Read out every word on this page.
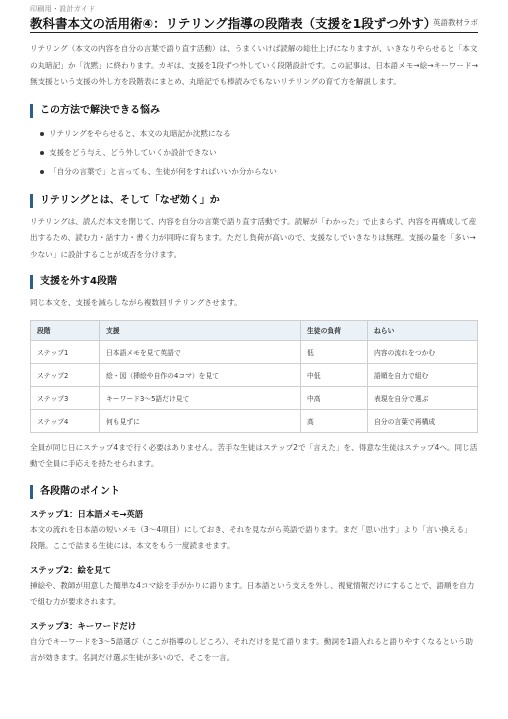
印刷用・設計ガイド
教科書本文の活用術④：リテリング指導の段階表（支援を1段ずつ外す）
英語教材ラボ

リテリング（本文の内容を自分の言葉で語り直す活動）は、うまくいけば読解の総仕上げになりますが、いきなりやらせると「本文の丸暗記」か「沈黙」に終わります。カギは、支援を1段ずつ外していく段階設計です。この記事は、日本語メモ→絵→キーワード→無支援という支援の外し方を段階表にまとめ、丸暗記でも棒読みでもないリテリングの育て方を解説します。

この方法で解決できる悩み
リテリングをやらせると、本文の丸暗記か沈黙になる
支援をどう与え、どう外していくか設計できない
「自分の言葉で」と言っても、生徒が何をすればいいか分からない
リテリングとは、そして「なぜ効く」か

リテリングは、読んだ本文を閉じて、内容を自分の言葉で語り直す活動です。読解が「わかった」で止まらず、内容を再構成して産出するため、読む力・話す力・書く力が同時に育ちます。ただし負荷が高いので、支援なしでいきなりは無理。支援の量を「多い→少ない」に設計することが成否を分けます。

支援を外す4段階

同じ本文を、支援を減らしながら複数回リテリングさせます。

段階	支援	生徒の負荷	ねらい
ステップ1	日本語メモを見て英語で	低	内容の流れをつかむ
ステップ2	絵・図（挿絵や自作の4コマ）を見て	中低	語順を自力で組む
ステップ3	キーワード3〜5語だけ見て	中高	表現を自分で選ぶ
ステップ4	何も見ずに	高	自分の言葉で再構成

全員が同じ日にステップ4まで行く必要はありません。苦手な生徒はステップ2で「言えた」を、得意な生徒はステップ4へ。同じ活動で全員に手応えを持たせられます。

各段階のポイント
ステップ1：日本語メモ→英語

本文の流れを日本語の短いメモ（3〜4項目）にしておき、それを見ながら英語で語ります。まだ「思い出す」より「言い換える」段階。ここで詰まる生徒には、本文をもう一度読ませます。

ステップ2：絵を見て

挿絵や、教師が用意した簡単な4コマ絵を手がかりに語ります。日本語という支えを外し、視覚情報だけにすることで、語順を自力で組む力が要求されます。

ステップ3：キーワードだけ

自分でキーワードを3〜5語選び（ここが指導のしどころ）、それだけを見て語ります。動詞を1語入れると語りやすくなるという助言が効きます。名詞だけ選ぶ生徒が多いので、そこを一言。
